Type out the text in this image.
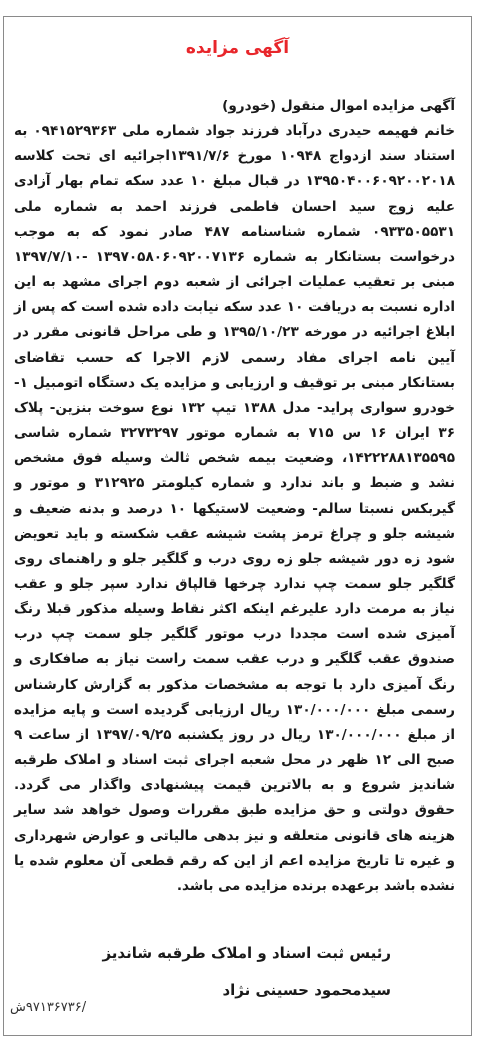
آگهی مزایده
آگهی مزایده اموال منقول (خودرو)
خانم فهیمه حیدری درآباد فرزند جواد شماره ملی ۰۹۴۱۵۲۹۳۶۳ به استناد سند ازدواج ۱۰۹۴۸ مورخ ۱۳۹۱/۷/۶اجرائیه ای تحت کلاسه ۱۳۹۵۰۴۰۰۶۰۹۲۰۰۲۰۱۸ در قبال مبلغ ۱۰ عدد سکه تمام بهار آزادی علیه زوج سید احسان فاطمی فرزند احمد به شماره ملی ۰۹۳۳۵۰۵۵۳۱ شماره شناسنامه ۴۸۷ صادر نمود که به موجب درخواست بستانکار به شماره ۱۳۹۷۰۵۸۰۶۰۹۲۰۰۷۱۳۶ -۱۳۹۷/۷/۱۰ مبنی بر تعقیب عملیات اجرائی از شعبه دوم اجرای مشهد به این اداره نسبت به دریافت ۱۰ عدد سکه نیابت داده شده است که پس از ابلاغ اجرائیه در مورخه ۱۳۹۵/۱۰/۲۳ و طی مراحل قانونی مقرر در آیین نامه اجرای مفاد رسمی لازم الاجرا که حسب تقاضای بستانکار مبنی بر توقیف و ارزیابی و مزایده یک دستگاه اتومبیل ۱- خودرو سواری پراید- مدل ۱۳۸۸ تیپ ۱۳۲ نوع سوخت بنزین- پلاک ۳۶ ایران ۱۶ س ۷۱۵ به شماره موتور ۳۲۷۳۲۹۷ شماره شاسی ۱۴۲۲۲۸۸۱۳۵۵۹۵، وضعیت بیمه شخص ثالث وسیله فوق مشخص نشد و ضبط و باند ندارد و شماره کیلومتر ۳۱۲۹۲۵ و موتور و گیربکس نسبتا سالم- وضعیت لاستیکها ۱۰ درصد و بدنه ضعیف و شیشه جلو و چراغ ترمز پشت شیشه عقب شکسته و باید تعویض شود زه دور شیشه جلو زه روی درب و گلگیر جلو و راهنمای روی گلگیر جلو سمت چپ ندارد چرخها قالپاق ندارد سپر جلو و عقب نیاز به مرمت دارد علیرغم اینکه اکثر نقاط وسیله مذکور قبلا رنگ آمیزی شده است مجددا درب موتور گلگیر جلو سمت چپ درب صندوق عقب گلگیر و درب عقب سمت راست نیاز به صافکاری و رنگ آمیزی دارد با توجه به مشخصات مذکور به گزارش کارشناس رسمی مبلغ ۱۳۰/۰۰۰/۰۰۰ ریال ارزیابی گردیده است و پایه مزایده از مبلغ ۱۳۰/۰۰۰/۰۰۰ ریال در روز یکشنبه ۱۳۹۷/۰۹/۲۵ از ساعت ۹ صبح الی ۱۲ ظهر در محل شعبه اجرای ثبت اسناد و املاک طرقبه شاندیز شروع و به بالاترین قیمت پیشنهادی واگذار می گردد. حقوق دولتی و حق مزایده طبق مقررات وصول خواهد شد سایر هزینه های قانونی متعلقه و نیز بدهی مالیاتی و عوارض شهرداری و غیره تا تاریخ مزایده اعم از این که رقم قطعی آن معلوم شده یا نشده باشد برعهده برنده مزایده می باشد.
رئیس ثبت اسناد و املاک طرقبه شاندیز
سیدمحمود حسینی نژاد
/۹۷۱۳۶۷۳۶ش
